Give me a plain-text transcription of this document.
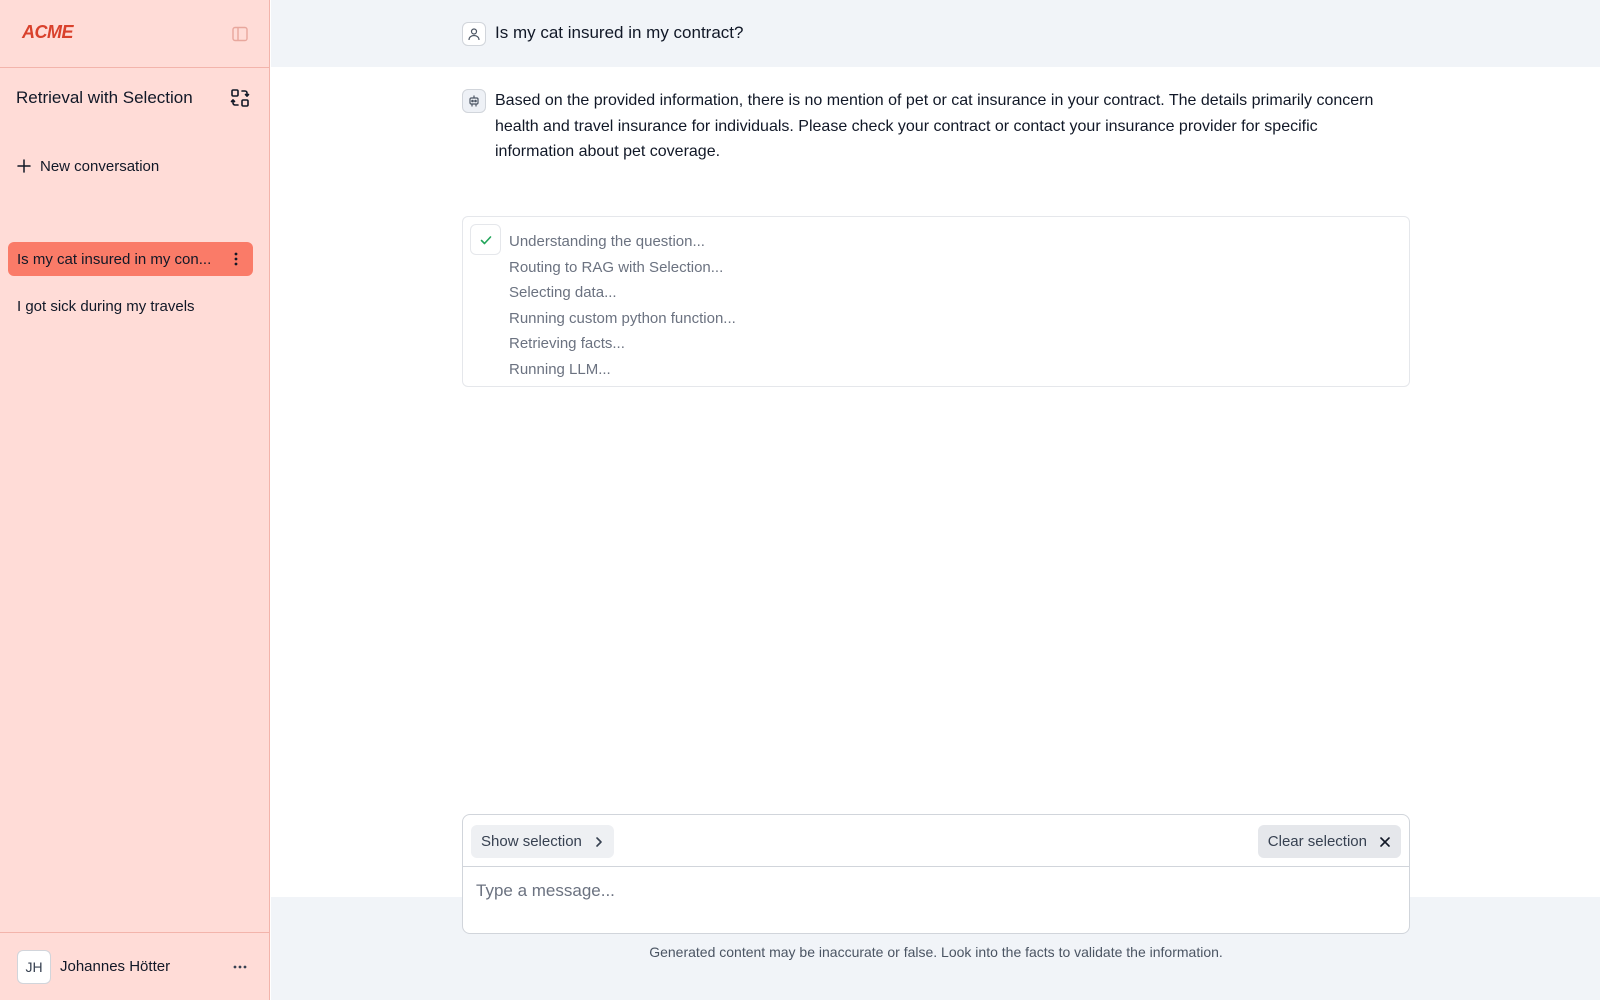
ACME
Retrieval with Selection
New conversation
Is my cat insured in my con...
I got sick during my travels
JH	Johannes Hötter
Is my cat insured in my contract?

Based on the provided information, there is no mention of pet or cat insurance in your contract. The details primarily concern health and travel insurance for individuals. Please check your contract or contact your insurance provider for specific information about pet coverage.

Understanding the question...
Routing to RAG with Selection...
Selecting data...
Running custom python function...
Retrieving facts...
Running LLM...
Show selection	Clear selection
Type a message...

Generated content may be inaccurate or false. Look into the facts to validate the information.
